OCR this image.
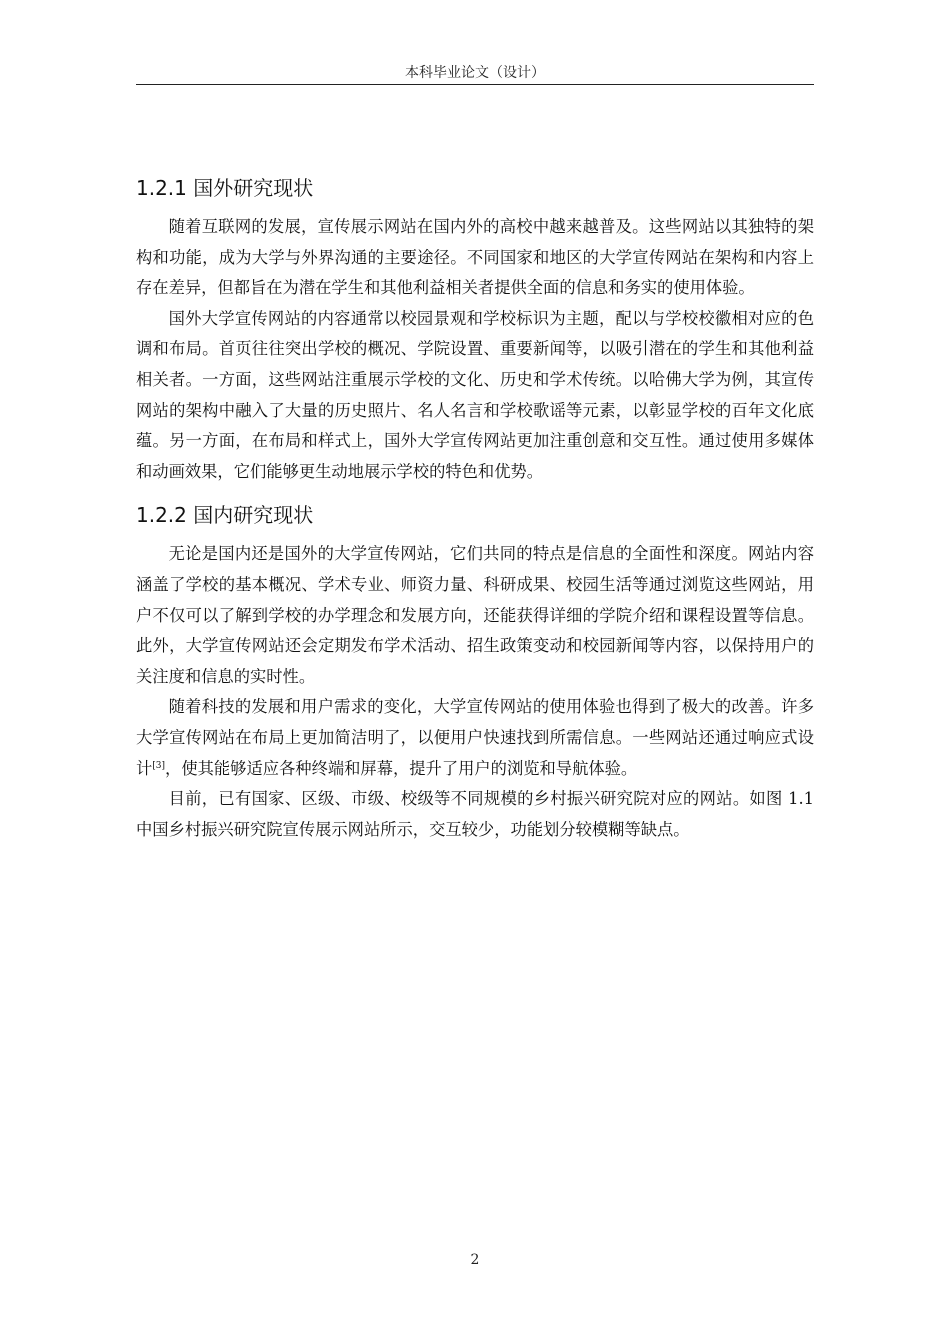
本科毕业论文（设计）
1.2.1 国外研究现状

随着互联网的发展，宣传展示网站在国内外的高校中越来越普及。这些网站以其独特的架构和功能，成为大学与外界沟通的主要途径。不同国家和地区的大学宣传网站在架构和内容上存在差异，但都旨在为潜在学生和其他利益相关者提供全面的信息和务实的使用体验。

国外大学宣传网站的内容通常以校园景观和学校标识为主题，配以与学校校徽相对应的色调和布局。首页往往突出学校的概况、学院设置、重要新闻等，以吸引潜在的学生和其他利益相关者。一方面，这些网站注重展示学校的文化、历史和学术传统。以哈佛大学为例，其宣传网站的架构中融入了大量的历史照片、名人名言和学校歌谣等元素，以彰显学校的百年文化底蕴。另一方面，在布局和样式上，国外大学宣传网站更加注重创意和交互性。通过使用多媒体和动画效果，它们能够更生动地展示学校的特色和优势。

1.2.2 国内研究现状

无论是国内还是国外的大学宣传网站，它们共同的特点是信息的全面性和深度。网站内容涵盖了学校的基本概况、学术专业、师资力量、科研成果、校园生活等通过浏览这些网站，用户不仅可以了解到学校的办学理念和发展方向，还能获得详细的学院介绍和课程设置等信息。此外，大学宣传网站还会定期发布学术活动、招生政策变动和校园新闻等内容，以保持用户的关注度和信息的实时性。

随着科技的发展和用户需求的变化，大学宣传网站的使用体验也得到了极大的改善。许多大学宣传网站在布局上更加简洁明了，以便用户快速找到所需信息。一些网站还通过响应式设计[3]，使其能够适应各种终端和屏幕，提升了用户的浏览和导航体验。

目前，已有国家、区级、市级、校级等不同规模的乡村振兴研究院对应的网站。如图 1.1 中国乡村振兴研究院宣传展示网站所示，交互较少，功能划分较模糊等缺点。

2
